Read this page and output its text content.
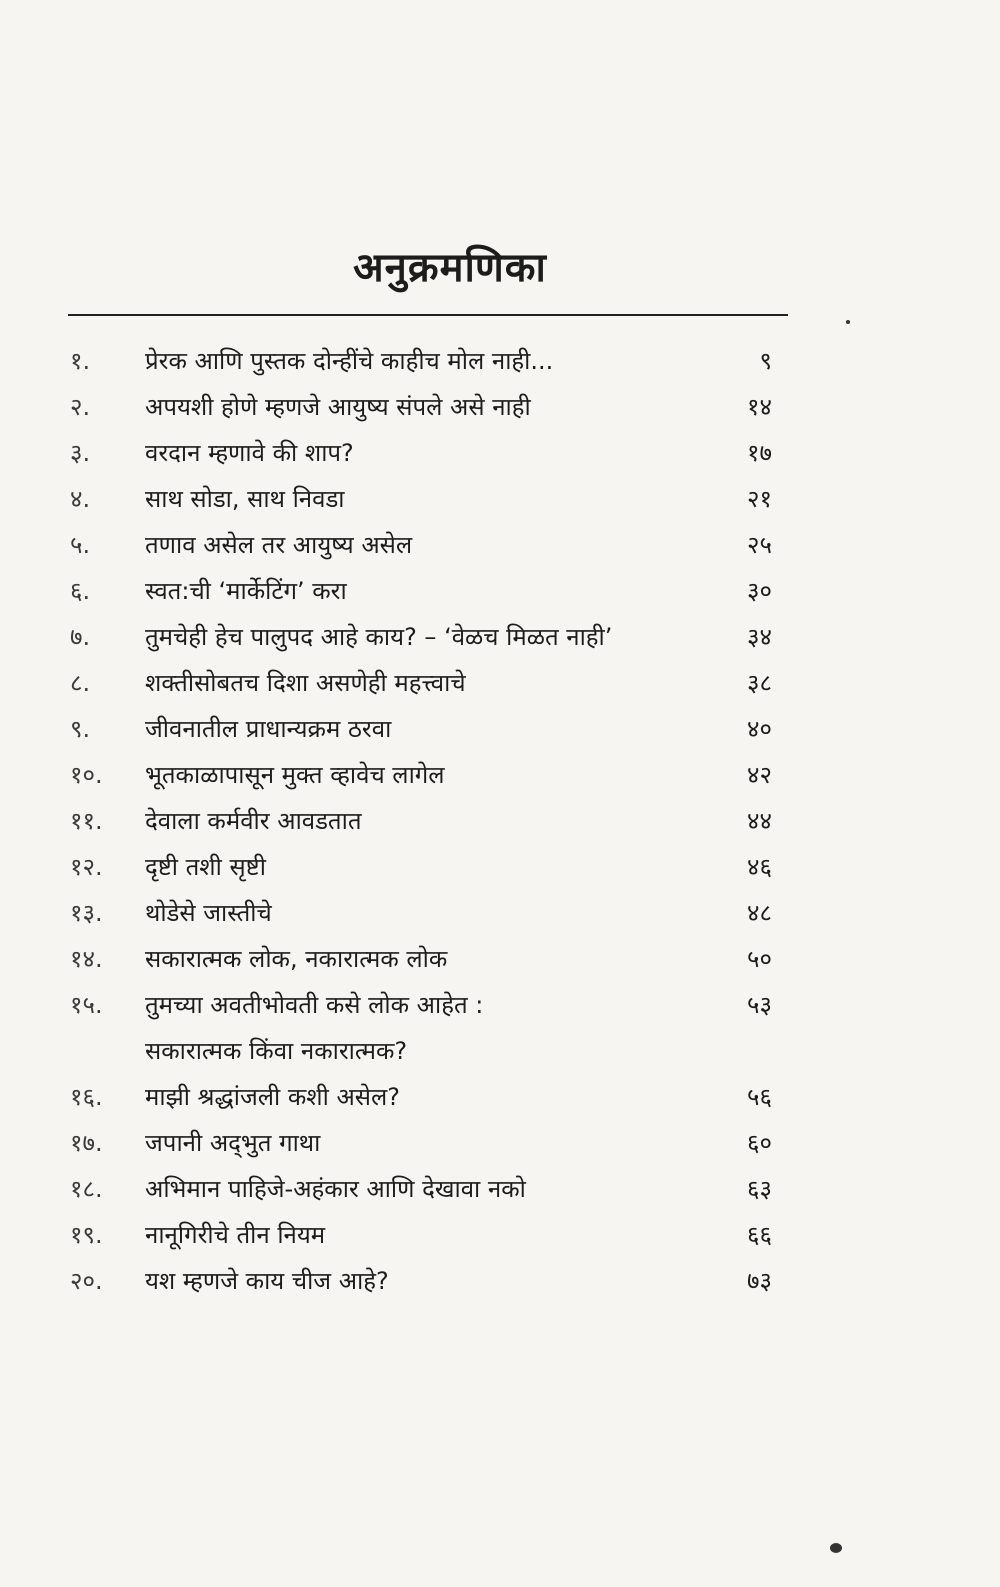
अनुक्रमणिका
१.	प्रेरक आणि पुस्तक दोन्हींचे काहीच मोल नाही...	९
२.	अपयशी होणे म्हणजे आयुष्य संपले असे नाही	१४
३.	वरदान म्हणावे की शाप?	१७
४.	साथ सोडा, साथ निवडा	२१
५.	तणाव असेल तर आयुष्य असेल	२५
६.	स्वत:ची ‘मार्केटिंग’ करा	३०
७.	तुमचेही हेच पालुपद आहे काय? – ‘वेळच मिळत नाही’	३४
८.	शक्तीसोबतच दिशा असणेही महत्त्वाचे	३८
९.	जीवनातील प्राधान्यक्रम ठरवा	४०
१०.	भूतकाळापासून मुक्त व्हावेच लागेल	४२
११.	देवाला कर्मवीर आवडतात	४४
१२.	दृष्टी तशी सृष्टी	४६
१३.	थोडेसे जास्तीचे	४८
१४.	सकारात्मक लोक, नकारात्मक लोक	५०
१५.	तुमच्या अवतीभोवती कसे लोक आहेत :	५३
सकारात्मक किंवा नकारात्मक?
१६.	माझी श्रद्धांजली कशी असेल?	५६
१७.	जपानी अद्‌भुत गाथा	६०
१८.	अभिमान पाहिजे-अहंकार आणि देखावा नको	६३
१९.	नानूगिरीचे तीन नियम	६६
२०.	यश म्हणजे काय चीज आहे?	७३
